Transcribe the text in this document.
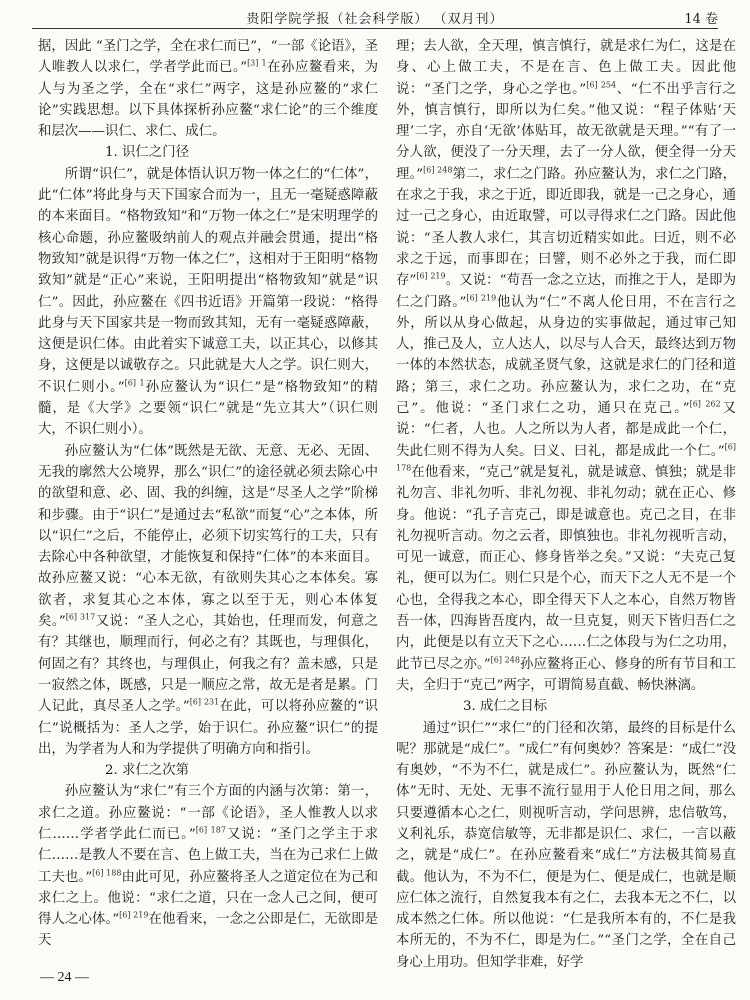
贵阳学院学报（社会科学版） （双月刊）	14 卷

据，因此 “圣门之学，全在求仁而已”，“一部《论语》，圣人唯教人以求仁，学者学此而已。”$^{[3] 1}$在孙应鳌看来，为人与为圣之学，全在“求仁”两字，这是孙应鳌的“求仁论”实践思想。以下具体探析孙应鳌“求仁论”的三个维度和层次——识仁、求仁、成仁。

1. 识仁之门径

所谓“识仁”，就是体悟认识万物一体之仁的“仁体”，此“仁体”将此身与天下国家合而为一，且无一毫疑惑障蔽的本来面目。“格物致知”和“万物一体之仁”是宋明理学的核心命题，孙应鳌吸纳前人的观点并融会贯通，提出“格物致知”就是识得“万物一体之仁”，这相对于王阳明“格物致知”就是“正心”来说，王阳明提出“格物致知”就是“识仁”。因此，孙应鳌在《四书近语》开篇第一段说：“格得此身与天下国家共是一物而致其知，无有一毫疑惑障蔽，这便是识仁体。由此着实下诚意工夫，以正其心，以修其身，这便是以诚敬存之。只此就是大人之学。识仁则大，不识仁则小。”$^{[6] 1}$孙应鳌认为“识仁”是“格物致知”的精髓，是《大学》之要领“识仁”就是“先立其大”（识仁则大，不识仁则小）。

孙应鳌认为“仁体”既然是无欲、无意、无必、无固、无我的廓然大公境界，那么“识仁”的途径就必须去除心中的欲望和意、必、固、我的纠缠，这是“尽圣人之学”阶梯和步骤。由于“识仁”是通过去“私欲”而复“心”之本体，所以“识仁”之后，不能停止，必须下切实笃行的工夫，只有去除心中各种欲望，才能恢复和保持“仁体”的本来面目。故孙应鳌又说：“心本无欲，有欲则失其心之本体矣。寡欲者，求复其心之本体，寡之以至于无，则心本体复矣。”$^{[6] 317}$又说：“圣人之心，其始也，任理而发，何意之有？其继也，顺理而行，何必之有？其既也，与理俱化，何固之有？其终也，与理俱止，何我之有？盖未感，只是一寂然之体，既感，只是一顺应之常，故无是者是累。门人记此，真尽圣人之学。”$^{[6] 231}$在此，可以将孙应鳌的“识仁”说概括为：圣人之学，始于识仁。孙应鳌“识仁”的提出，为学者为人和为学提供了明确方向和指引。

2. 求仁之次第

孙应鳌认为“求仁”有三个方面的内涵与次第：第一，求仁之道。孙应鳌说：“一部《论语》，圣人惟教人以求仁……学者学此仁而已。”$^{[6] 187}$又说：“圣门之学主于求仁……是教人不要在言、色上做工夫，当在为己求仁上做工夫也。”$^{[6] 188}$由此可见，孙应鳌将圣人之道定位在为己和求仁之上。他说：“求仁之道，只在一念人己之间，便可得人之心体。”$^{[6] 219}$在他看来，一念之公即是仁，无欲即是天

理；去人欲，全天理，慎言慎行，就是求仁为仁，这是在身、心上做工夫，不是在言、色上做工夫。因此他说：“圣门之学，身心之学也。”$^{[6] 254}$、“仁不出乎言行之外，慎言慎行，即所以为仁矣。”他又说：“程子体贴‘天理’二字，亦自‘无欲’体贴耳，故无欲就是天理。”“有了一分人欲，便没了一分天理，去了一分人欲，便全得一分天理。”$^{[6] 248}$第二，求仁之门路。孙应鳌认为，求仁之门路，在求之于我，求之于近，即近即我，就是一己之身心，通过一己之身心，由近取譬，可以寻得求仁之门路。因此他说：“圣人教人求仁，其言切近精实如此。曰近，则不必求之于远，而事即在；曰譬，则不必外之于我，而仁即存”$^{[6] 219}$。又说：“苟吾一念之立达，而推之于人，是即为仁之门路。”$^{[6] 219}$他认为“仁”不离人伦日用，不在言行之外，所以从身心做起，从身边的实事做起，通过审己知人，推己及人，立人达人，以尽与人合天，最终达到万物一体的本然状态，成就圣贤气象，这就是求仁的门径和道路；第三，求仁之功。孙应鳌认为，求仁之功，在“克己”。他说：“圣门求仁之功，通只在克己。”$^{[6] 262}$又说：“仁者，人也。人之所以为人者，都是成此一个仁，失此仁则不得为人矣。曰义、曰礼，都是成此一个仁。”$^{[6] 178}$在他看来，“克己”就是复礼，就是诚意、慎独；就是非礼勿言、非礼勿听、非礼勿视、非礼勿动；就在正心、修身。他说：“孔子言克己，即是诚意也。克己之目，在非礼勿视听言动。勿之云者，即慎独也。非礼勿视听言动，可见一诚意，而正心、修身皆举之矣。”又说：“夫克己复礼，便可以为仁。则仁只是个心，而天下之人无不是一个心也，全得我之本心，即全得天下人之本心，自然万物皆吾一体，四海皆吾度内，故一旦克复，则天下皆归吾仁之内，此便是以有立天下之心……仁之体段与为仁之功用，此节已尽之亦。”$^{[6] 248}$孙应鳌将正心、修身的所有节目和工夫，全归于“克己”两字，可谓简易直截、畅快淋漓。

3. 成仁之目标

通过“识仁”“求仁”的门径和次第，最终的目标是什么呢？那就是“成仁”。“成仁”有何奥妙？答案是：“成仁”没有奥妙，“不为不仁，就是成仁”。孙应鳌认为，既然“仁体”无时、无处、无事不流行显用于人伦日用之间，那么只要遵循本心之仁，则视听言动，学问思辨，忠信敬笃，义利礼乐，恭宽信敏等，无非都是识仁、求仁，一言以蔽之，就是“成仁”。在孙应鳌看来“成仁”方法极其简易直截。他认为，不为不仁，便是为仁、便是成仁，也就是顺应仁体之流行，自然复我本有之仁，去我本无之不仁，以成本然之仁体。所以他说：“仁是我所本有的，不仁是我本所无的，不为不仁，即是为仁。”“圣门之学，全在自己身心上用功。但知学非难，好学

— 24 —
